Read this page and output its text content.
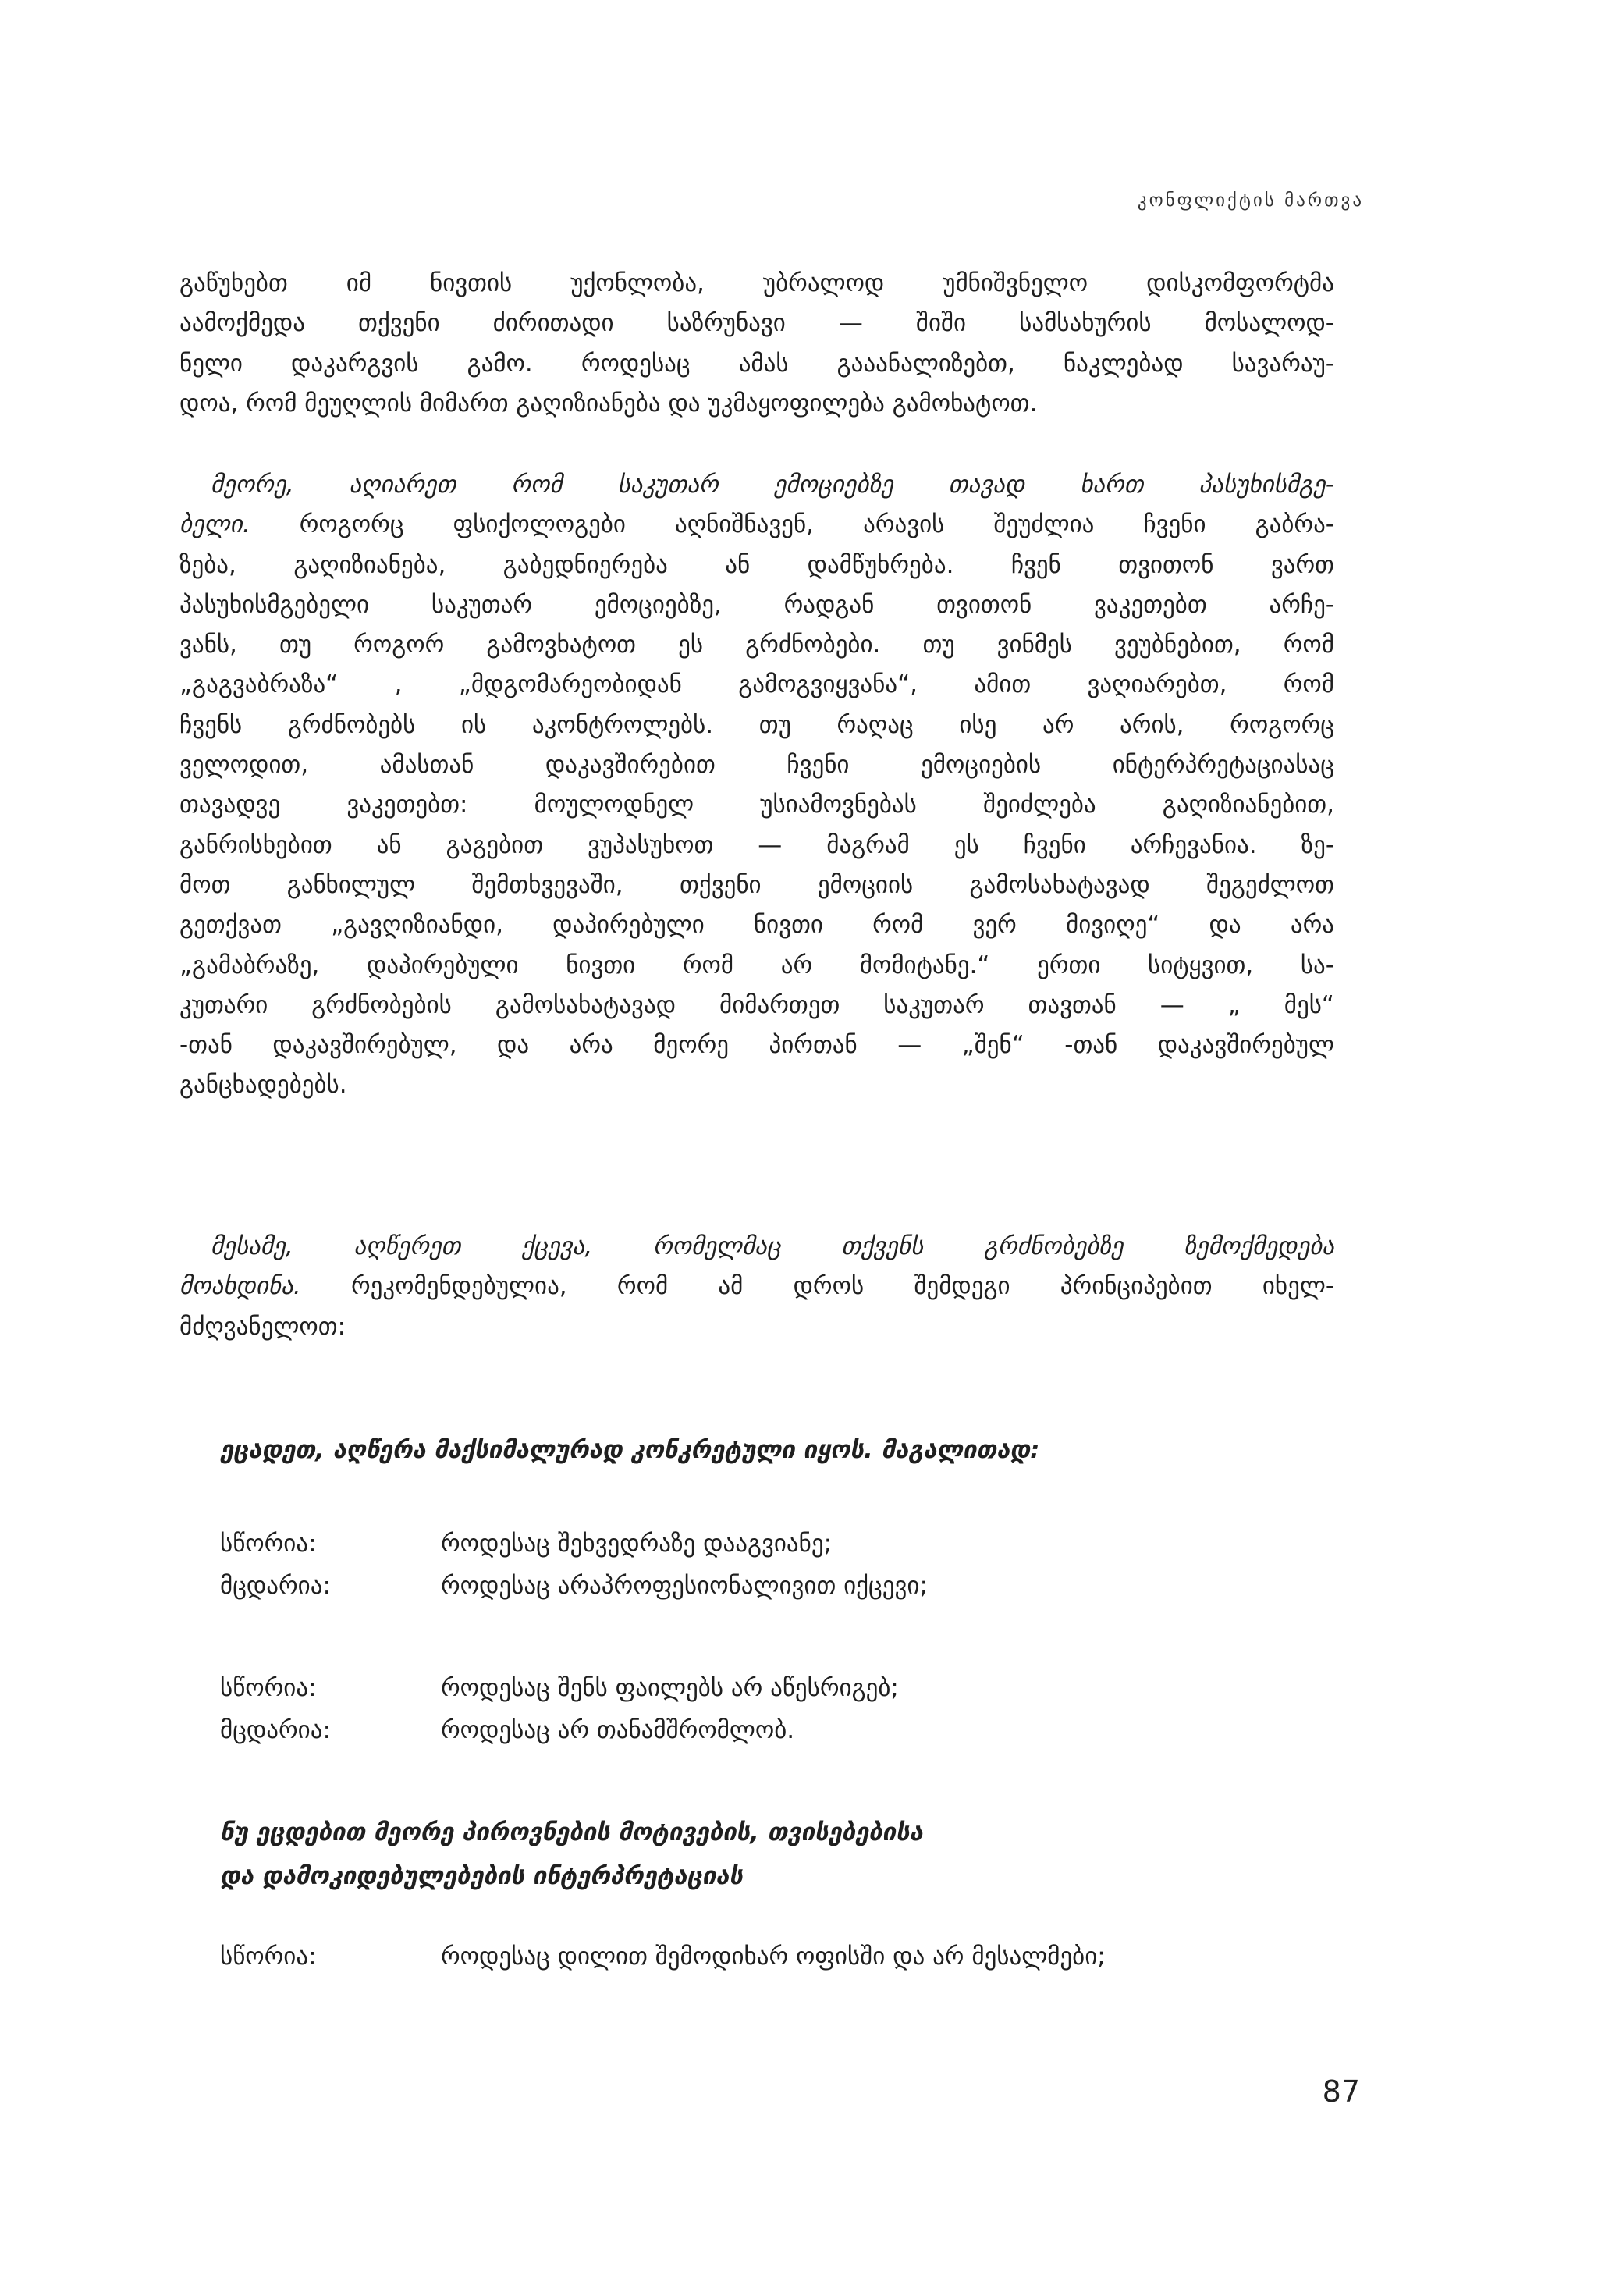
კონფლიქტის მართვა

გაწუხებთ იმ ნივთის უქონლობა, უბრალოდ უმნიშვნელო დისკომფორტმა

აამოქმედა თქვენი ძირითადი საზრუნავი — შიში სამსახურის მოსალოდ-

ნელი დაკარგვის გამო. როდესაც ამას გააანალიზებთ, ნაკლებად სავარაუ-

დოა, რომ მეუღლის მიმართ გაღიზიანება და უკმაყოფილება გამოხატოთ.

მეორე, აღიარეთ რომ საკუთარ ემოციებზე თავად ხართ პასუხისმგე-

ბელი. როგორც ფსიქოლოგები აღნიშნავენ, არავის შეუძლია ჩვენი გაბრა-

ზება, გაღიზიანება, გაბედნიერება ან დამწუხრება. ჩვენ თვითონ ვართ

პასუხისმგებელი საკუთარ ემოციებზე, რადგან თვითონ ვაკეთებთ არჩე-

ვანს, თუ როგორ გამოვხატოთ ეს გრძნობები. თუ ვინმეს ვეუბნებით, რომ

„გაგვაბრაზა“ , „მდგომარეობიდან გამოგვიყვანა“, ამით ვაღიარებთ, რომ

ჩვენს გრძნობებს ის აკონტროლებს. თუ რაღაც ისე არ არის, როგორც

ველოდით, ამასთან დაკავშირებით ჩვენი ემოციების ინტერპრეტაციასაც

თავადვე ვაკეთებთ: მოულოდნელ უსიამოვნებას შეიძლება გაღიზიანებით,

განრისხებით ან გაგებით ვუპასუხოთ — მაგრამ ეს ჩვენი არჩევანია. ზე-

მოთ განხილულ შემთხვევაში, თქვენი ემოციის გამოსახატავად შეგეძლოთ

გეთქვათ „გავღიზიანდი, დაპირებული ნივთი რომ ვერ მივიღე“ და არა

„გამაბრაზე, დაპირებული ნივთი რომ არ მომიტანე.“ ერთი სიტყვით, სა-

კუთარი გრძნობების გამოსახატავად მიმართეთ საკუთარ თავთან — „ მეს“

-თან დაკავშირებულ, და არა მეორე პირთან — „შენ“ -თან დაკავშირებულ

განცხადებებს.

მესამე, აღწერეთ ქცევა, რომელმაც თქვენს გრძნობებზე ზემოქმედება

მოახდინა. რეკომენდებულია, რომ ამ დროს შემდეგი პრინციპებით იხელ-

მძღვანელოთ:

ეცადეთ, აღწერა მაქსიმალურად კონკრეტული იყოს. მაგალითად:

სწორია:	როდესაც შეხვედრაზე დააგვიანე;
მცდარია:	როდესაც არაპროფესიონალივით იქცევი;
სწორია:	როდესაც შენს ფაილებს არ აწესრიგებ;
მცდარია:	როდესაც არ თანამშრომლობ.

ნუ ეცდებით მეორე პიროვნების მოტივების, თვისებებისა

და დამოკიდებულებების ინტერპრეტაციას

სწორია:	როდესაც დილით შემოდიხარ ოფისში და არ მესალმები;
87
